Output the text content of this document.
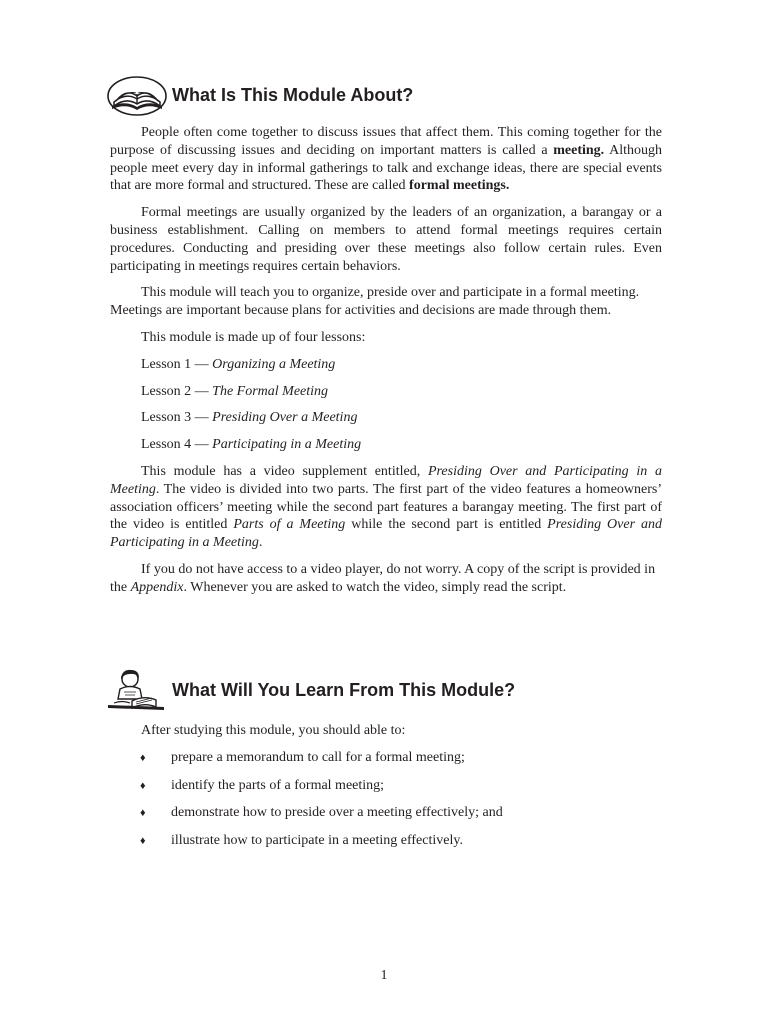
What Is This Module About?

People often come together to discuss issues that affect them. This coming together for the purpose of discussing issues and deciding on important matters is called a meeting. Although people meet every day in informal gatherings to talk and exchange ideas, there are special events that are more formal and structured. These are called formal meetings.

Formal meetings are usually organized by the leaders of an organization, a barangay or a business establishment. Calling on members to attend formal meetings requires certain procedures. Conducting and presiding over these meetings also follow certain rules. Even participating in meetings requires certain behaviors.

This module will teach you to organize, preside over and participate in a formal meeting. Meetings are important because plans for activities and decisions are made through them.

This module is made up of four lessons:

Lesson 1 — Organizing a Meeting
Lesson 2 — The Formal Meeting
Lesson 3 — Presiding Over a Meeting
Lesson 4 — Participating in a Meeting

This module has a video supplement entitled, Presiding Over and Participating in a Meeting. The video is divided into two parts. The first part of the video features a homeowners’ association officers’ meeting while the second part features a barangay meeting. The first part of the video is entitled Parts of a Meeting while the second part is entitled Presiding Over and Participating in a Meeting.

If you do not have access to a video player, do not worry. A copy of the script is provided in the Appendix. Whenever you are asked to watch the video, simply read the script.

What Will You Learn From This Module?
After studying this module, you should able to:
♦	prepare a memorandum to call for a formal meeting;
♦	identify the parts of a formal meeting;
♦	demonstrate how to preside over a meeting effectively; and
♦	illustrate how to participate in a meeting effectively.
1
